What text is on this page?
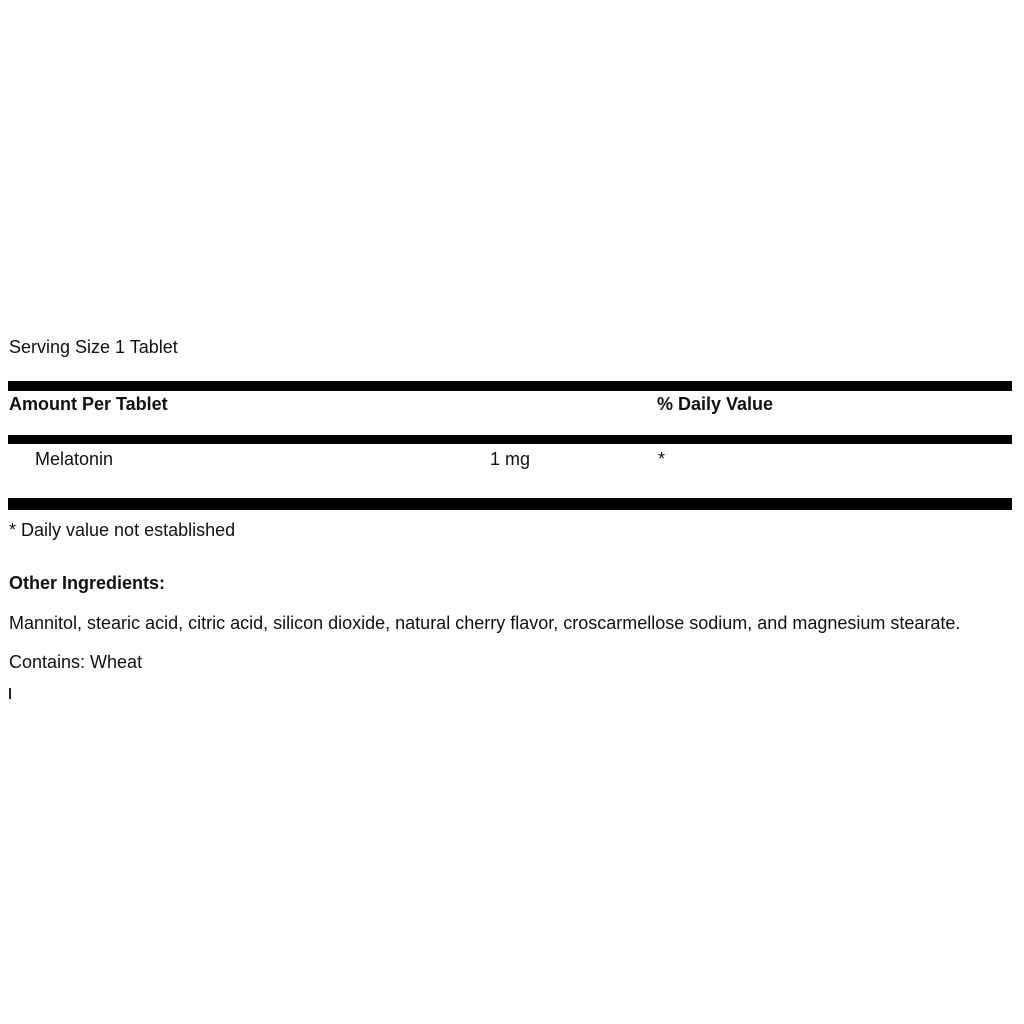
Serving Size 1 Tablet
Amount Per Tablet	% Daily Value
Melatonin	1 mg	*
* Daily value not established
Other Ingredients:
Mannitol, stearic acid, citric acid, silicon dioxide, natural cherry flavor, croscarmellose sodium, and magnesium stearate.
Contains: Wheat
